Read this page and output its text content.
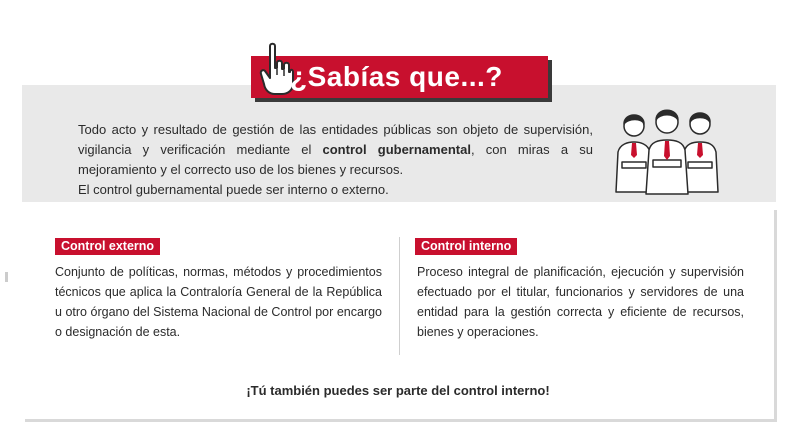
¿Sabías que...?

Todo acto y resultado de gestión de las entidades públicas son objeto de supervisión, vigilancia y verificación mediante el control gubernamental, con miras a su mejoramiento y el correcto uso de los bienes y recursos.

El control gubernamental puede ser interno o externo.

Control externo

Conjunto de políticas, normas, métodos y procedimientos técnicos que aplica la Contraloría General de la República u otro órgano del Sistema Nacional de Control por encargo o designación de esta.

Control interno

Proceso integral de planificación, ejecución y supervisión efectuado por el titular, funcionarios y servidores de una entidad para la gestión correcta y eficiente de recursos, bienes y operaciones.

¡Tú también puedes ser parte del control interno!
